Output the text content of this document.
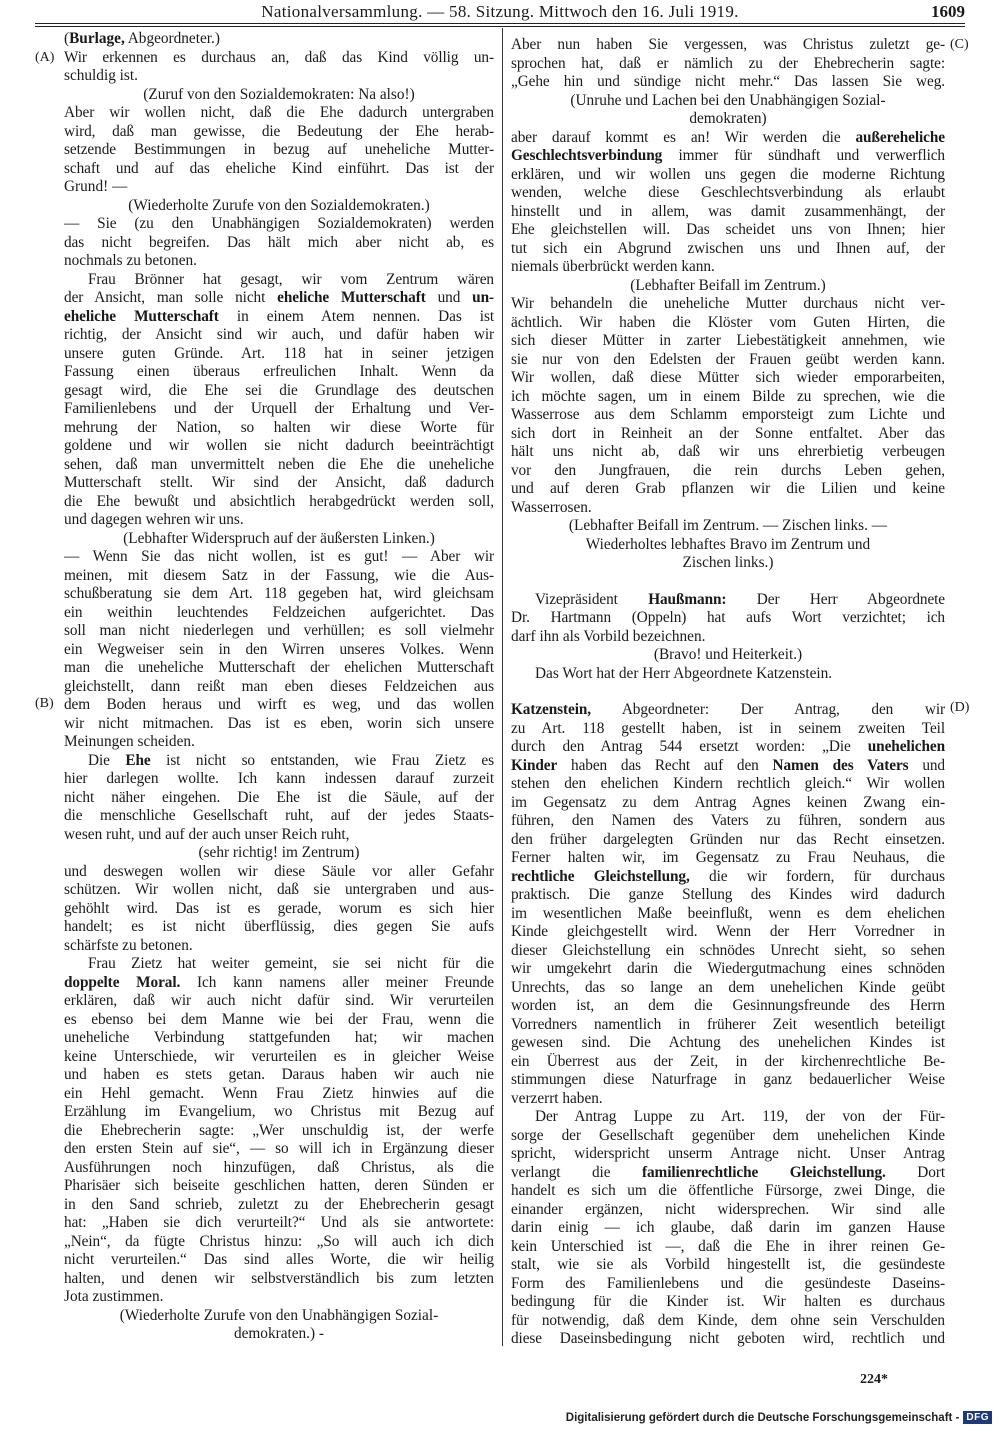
Nationalversammlung. — 58. Sitzung. Mittwoch den 16. Juli 1919.	1609
(A)
(B)
(C)
(D)
(Burlage, Abgeordneter.)
Wir erkennen es durchaus an, daß das Kind völlig un-
schuldig ist.
(Zuruf von den Sozialdemokraten: Na also!)
Aber wir wollen nicht, daß die Ehe dadurch untergraben
wird, daß man gewisse, die Bedeutung der Ehe herab-
setzende Bestimmungen in bezug auf uneheliche Mutter-
schaft und auf das eheliche Kind einführt. Das ist der
Grund! —
(Wiederholte Zurufe von den Sozialdemokraten.)
— Sie (zu den Unabhängigen Sozialdemokraten) werden
das nicht begreifen. Das hält mich aber nicht ab, es
nochmals zu betonen.
Frau Brönner hat gesagt, wir vom Zentrum wären
der Ansicht, man solle nicht eheliche Mutterschaft und un-
eheliche Mutterschaft in einem Atem nennen. Das ist
richtig, der Ansicht sind wir auch, und dafür haben wir
unsere guten Gründe. Art. 118 hat in seiner jetzigen
Fassung einen überaus erfreulichen Inhalt. Wenn da
gesagt wird, die Ehe sei die Grundlage des deutschen
Familienlebens und der Urquell der Erhaltung und Ver-
mehrung der Nation, so halten wir diese Worte für
goldene und wir wollen sie nicht dadurch beeinträchtigt
sehen, daß man unvermittelt neben die Ehe die uneheliche
Mutterschaft stellt. Wir sind der Ansicht, daß dadurch
die Ehe bewußt und absichtlich herabgedrückt werden soll,
und dagegen wehren wir uns.
(Lebhafter Widerspruch auf der äußersten Linken.)
— Wenn Sie das nicht wollen, ist es gut! — Aber wir
meinen, mit diesem Satz in der Fassung, wie die Aus-
schußberatung sie dem Art. 118 gegeben hat, wird gleichsam
ein weithin leuchtendes Feldzeichen aufgerichtet. Das
soll man nicht niederlegen und verhüllen; es soll vielmehr
ein Wegweiser sein in den Wirren unseres Volkes. Wenn
man die uneheliche Mutterschaft der ehelichen Mutterschaft
gleichstellt, dann reißt man eben dieses Feldzeichen aus
dem Boden heraus und wirft es weg, und das wollen
wir nicht mitmachen. Das ist es eben, worin sich unsere
Meinungen scheiden.
Die Ehe ist nicht so entstanden, wie Frau Zietz es
hier darlegen wollte. Ich kann indessen darauf zurzeit
nicht näher eingehen. Die Ehe ist die Säule, auf der
die menschliche Gesellschaft ruht, auf der jedes Staats-
wesen ruht, und auf der auch unser Reich ruht,
(sehr richtig! im Zentrum)
und deswegen wollen wir diese Säule vor aller Gefahr
schützen. Wir wollen nicht, daß sie untergraben und aus-
gehöhlt wird. Das ist es gerade, worum es sich hier
handelt; es ist nicht überflüssig, dies gegen Sie aufs
schärfste zu betonen.
Frau Zietz hat weiter gemeint, sie sei nicht für die
doppelte Moral. Ich kann namens aller meiner Freunde
erklären, daß wir auch nicht dafür sind. Wir verurteilen
es ebenso bei dem Manne wie bei der Frau, wenn die
uneheliche Verbindung stattgefunden hat; wir machen
keine Unterschiede, wir verurteilen es in gleicher Weise
und haben es stets getan. Daraus haben wir auch nie
ein Hehl gemacht. Wenn Frau Zietz hinwies auf die
Erzählung im Evangelium, wo Christus mit Bezug auf
die Ehebrecherin sagte: „Wer unschuldig ist, der werfe
den ersten Stein auf sie“, — so will ich in Ergänzung dieser
Ausführungen noch hinzufügen, daß Christus, als die
Pharisäer sich beiseite geschlichen hatten, deren Sünden er
in den Sand schrieb, zuletzt zu der Ehebrecherin gesagt
hat: „Haben sie dich verurteilt?“ Und als sie antwortete:
„Nein“, da fügte Christus hinzu: „So will auch ich dich
nicht verurteilen.“ Das sind alles Worte, die wir heilig
halten, und denen wir selbstverständlich bis zum letzten
Jota zustimmen.
(Wiederholte Zurufe von den Unabhängigen Sozial-
demokraten.) -
Aber nun haben Sie vergessen, was Christus zuletzt ge-
sprochen hat, daß er nämlich zu der Ehebrecherin sagte:
„Gehe hin und sündige nicht mehr.“ Das lassen Sie weg.
(Unruhe und Lachen bei den Unabhängigen Sozial-
demokraten)
aber darauf kommt es an! Wir werden die außereheliche
Geschlechtsverbindung immer für sündhaft und verwerflich
erklären, und wir wollen uns gegen die moderne Richtung
wenden, welche diese Geschlechtsverbindung als erlaubt
hinstellt und in allem, was damit zusammenhängt, der
Ehe gleichstellen will. Das scheidet uns von Ihnen; hier
tut sich ein Abgrund zwischen uns und Ihnen auf, der
niemals überbrückt werden kann.
(Lebhafter Beifall im Zentrum.)
Wir behandeln die uneheliche Mutter durchaus nicht ver-
ächtlich. Wir haben die Klöster vom Guten Hirten, die
sich dieser Mütter in zarter Liebestätigkeit annehmen, wie
sie nur von den Edelsten der Frauen geübt werden kann.
Wir wollen, daß diese Mütter sich wieder emporarbeiten,
ich möchte sagen, um in einem Bilde zu sprechen, wie die
Wasserrose aus dem Schlamm emporsteigt zum Lichte und
sich dort in Reinheit an der Sonne entfaltet. Aber das
hält uns nicht ab, daß wir uns ehrerbietig verbeugen
vor den Jungfrauen, die rein durchs Leben gehen,
und auf deren Grab pflanzen wir die Lilien und keine
Wasserrosen.
(Lebhafter Beifall im Zentrum. — Zischen links. —
Wiederholtes lebhaftes Bravo im Zentrum und
Zischen links.)
Vizepräsident Haußmann: Der Herr Abgeordnete
Dr. Hartmann (Oppeln) hat aufs Wort verzichtet; ich
darf ihn als Vorbild bezeichnen.
(Bravo! und Heiterkeit.)
Das Wort hat der Herr Abgeordnete Katzenstein.
Katzenstein, Abgeordneter: Der Antrag, den wir
zu Art. 118 gestellt haben, ist in seinem zweiten Teil
durch den Antrag 544 ersetzt worden: „Die unehelichen
Kinder haben das Recht auf den Namen des Vaters und
stehen den ehelichen Kindern rechtlich gleich.“ Wir wollen
im Gegensatz zu dem Antrag Agnes keinen Zwang ein-
führen, den Namen des Vaters zu führen, sondern aus
den früher dargelegten Gründen nur das Recht einsetzen.
Ferner halten wir, im Gegensatz zu Frau Neuhaus, die
rechtliche Gleichstellung, die wir fordern, für durchaus
praktisch. Die ganze Stellung des Kindes wird dadurch
im wesentlichen Maße beeinflußt, wenn es dem ehelichen
Kinde gleichgestellt wird. Wenn der Herr Vorredner in
dieser Gleichstellung ein schnödes Unrecht sieht, so sehen
wir umgekehrt darin die Wiedergutmachung eines schnöden
Unrechts, das so lange an dem unehelichen Kinde geübt
worden ist, an dem die Gesinnungsfreunde des Herrn
Vorredners namentlich in früherer Zeit wesentlich beteiligt
gewesen sind. Die Achtung des unehelichen Kindes ist
ein Überrest aus der Zeit, in der kirchenrechtliche Be-
stimmungen diese Naturfrage in ganz bedauerlicher Weise
verzerrt haben.
Der Antrag Luppe zu Art. 119, der von der Für-
sorge der Gesellschaft gegenüber dem unehelichen Kinde
spricht, widerspricht unserm Antrage nicht. Unser Antrag
verlangt die familienrechtliche Gleichstellung. Dort
handelt es sich um die öffentliche Fürsorge, zwei Dinge, die
einander ergänzen, nicht widersprechen. Wir sind alle
darin einig — ich glaube, daß darin im ganzen Hause
kein Unterschied ist —, daß die Ehe in ihrer reinen Ge-
stalt, wie sie als Vorbild hingestellt ist, die gesündeste
Form des Familienlebens und die gesündeste Daseins-
bedingung für die Kinder ist. Wir halten es durchaus
für notwendig, daß dem Kinde, dem ohne sein Verschulden
diese Daseinsbedingung nicht geboten wird, rechtlich und
224*
Digitalisierung gefördert durch die Deutsche Forschungsgemeinschaft - DFG
